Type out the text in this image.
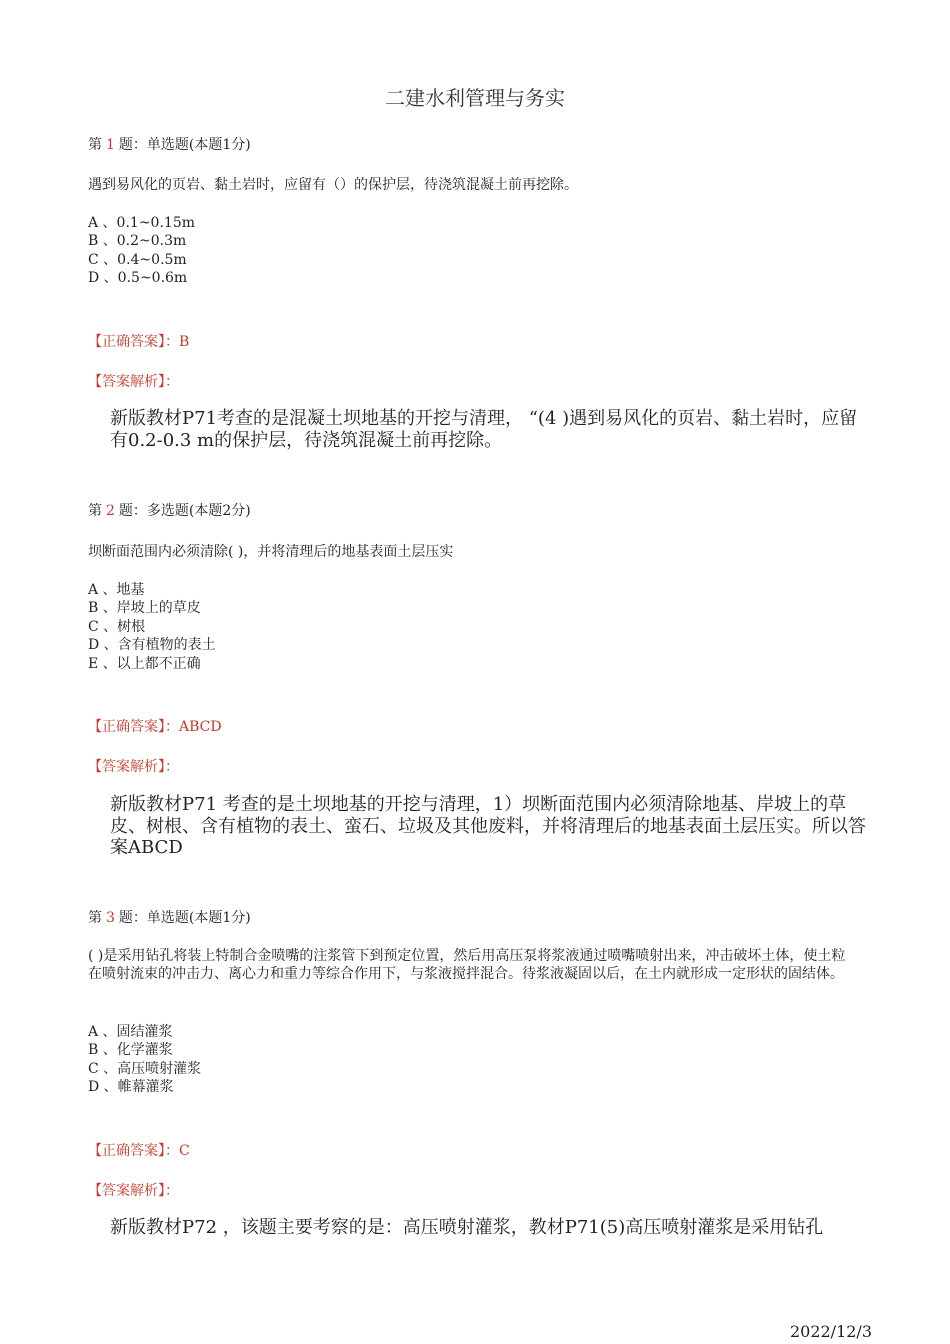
二建水利管理与务实
第 1 题：单选题(本题1分)
遇到易风化的页岩、黏土岩时，应留有（）的保护层，待浇筑混凝土前再挖除。
A 、0.1~0.15m
B 、0.2~0.3m
C 、0.4~0.5m
D 、0.5~0.6m
【正确答案】：B
【答案解析】：
新版教材P71考查的是混凝土坝地基的开挖与清理， “(4 )遇到易风化的页岩、黏土岩时，应留有0.2-0.3 m的保护层，待浇筑混凝土前再挖除。
第 2 题：多选题(本题2分)
坝断面范围内必须清除( )，并将清理后的地基表面土层压实
A 、地基
B 、岸坡上的草皮
C 、树根
D 、含有植物的表土
E 、以上都不正确
【正确答案】：ABCD
【答案解析】：
新版教材P71 考查的是土坝地基的开挖与清理，1）坝断面范围内必须清除地基、岸坡上的草皮、树根、含有植物的表土、蛮石、垃圾及其他废料，并将清理后的地基表面土层压实。所以答案ABCD
第 3 题：单选题(本题1分)
( )是采用钻孔将装上特制合金喷嘴的注浆管下到预定位置，然后用高压泵将浆液通过喷嘴喷射出来，冲击破坏土体，使土粒在喷射流束的冲击力、离心力和重力等综合作用下，与浆液搅拌混合。待浆液凝固以后，在土内就形成一定形状的固结体。
A 、固结灌浆
B 、化学灌浆
C 、高压喷射灌浆
D 、帷幕灌浆
【正确答案】：C
【答案解析】：
新版教材P72 ，该题主要考察的是：高压喷射灌浆，教材P71(5)高压喷射灌浆是采用钻孔
2022/12/3
